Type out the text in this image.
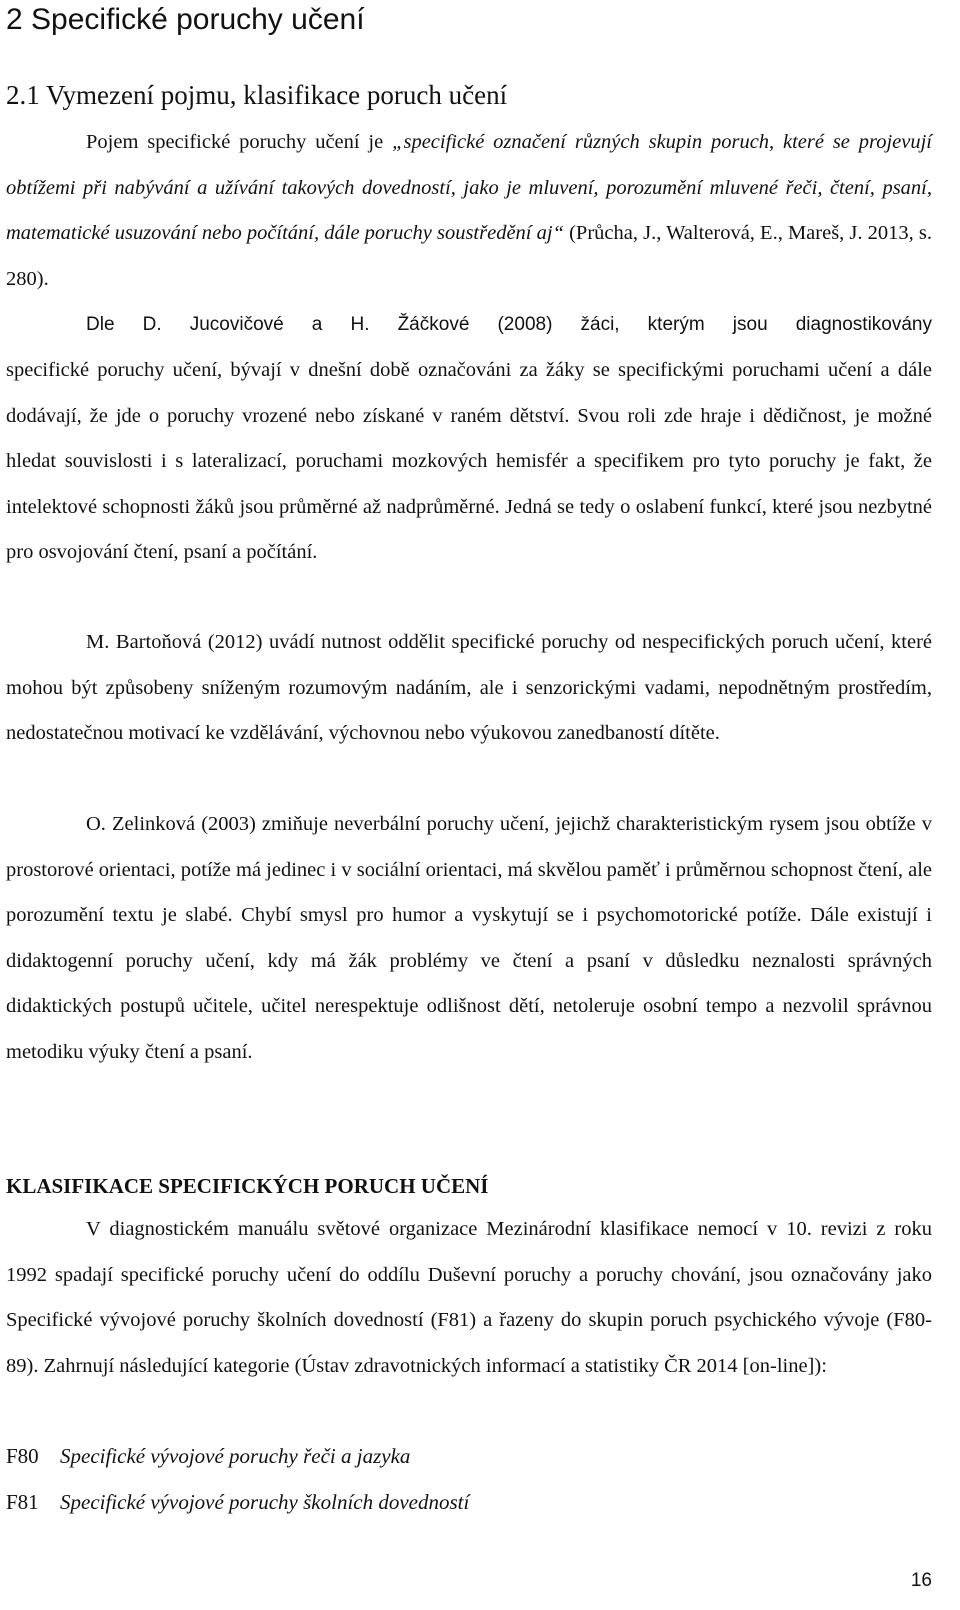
2 Specifické poruchy učení
2.1 Vymezení pojmu, klasifikace poruch učení

Pojem specifické poruchy učení je „specifické označení různých skupin poruch, které se projevují obtížemi při nabývání a užívání takových dovedností, jako je mluvení, porozumění mluvené řeči, čtení, psaní, matematické usuzování nebo počítání, dále poruchy soustředění aj“ (Průcha, J., Walterová, E., Mareš, J. 2013, s. 280).

Dle D. Jucovičové a H. Žáčkové (2008) žáci, kterým jsou diagnostikovány

specifické poruchy učení, bývají v dnešní době označováni za žáky se specifickými poruchami učení a dále dodávají, že jde o poruchy vrozené nebo získané v raném dětství. Svou roli zde hraje i dědičnost, je možné hledat souvislosti i s lateralizací, poruchami mozkových hemisfér a specifikem pro tyto poruchy je fakt, že intelektové schopnosti žáků jsou průměrné až nadprůměrné. Jedná se tedy o oslabení funkcí, které jsou nezbytné pro osvojování čtení, psaní a počítání.

M. Bartoňová (2012) uvádí nutnost oddělit specifické poruchy od nespecifických poruch učení, které mohou být způsobeny sníženým rozumovým nadáním, ale i senzorickými vadami, nepodnětným prostředím, nedostatečnou motivací ke vzdělávání, výchovnou nebo výukovou zanedbaností dítěte.

O. Zelinková (2003) zmiňuje neverbální poruchy učení, jejichž charakteristickým rysem jsou obtíže v prostorové orientaci, potíže má jedinec i v sociální orientaci, má skvělou paměť i průměrnou schopnost čtení, ale porozumění textu je slabé. Chybí smysl pro humor a vyskytují se i psychomotorické potíže. Dále existují i didaktogenní poruchy učení, kdy má žák problémy ve čtení a psaní v důsledku neznalosti správných didaktických postupů učitele, učitel nerespektuje odlišnost dětí, netoleruje osobní tempo a nezvolil správnou metodiku výuky čtení a psaní.

KLASIFIKACE SPECIFICKÝCH PORUCH UČENÍ

V diagnostickém manuálu světové organizace Mezinárodní klasifikace nemocí v 10. revizi z roku 1992 spadají specifické poruchy učení do oddílu Duševní poruchy a poruchy chování, jsou označovány jako Specifické vývojové poruchy školních dovedností (F81) a řazeny do skupin poruch psychického vývoje (F80-89). Zahrnují následující kategorie (Ústav zdravotnických informací a statistiky ČR 2014 [on-line]):

F80 Specifické vývojové poruchy řeči a jazyka
F81 Specifické vývojové poruchy školních dovedností
16
